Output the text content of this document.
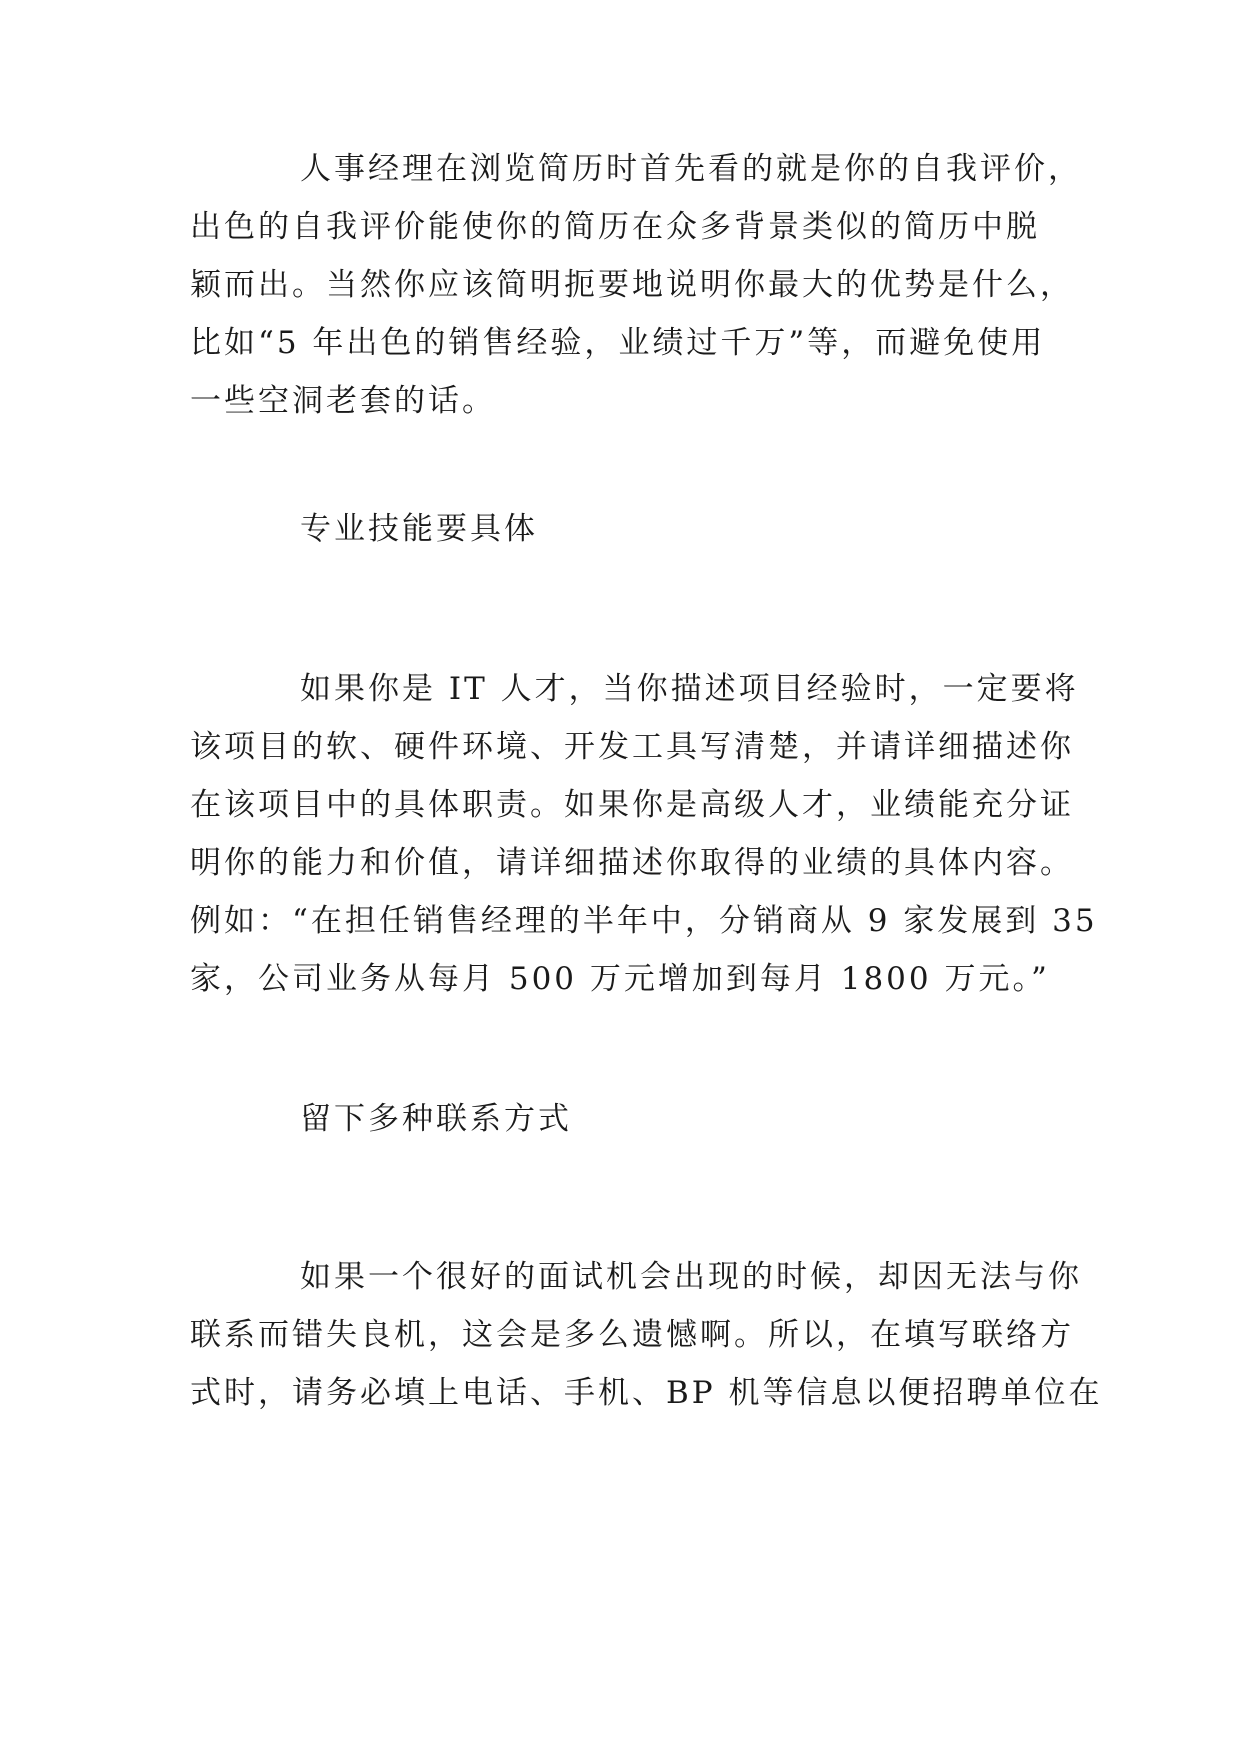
人事经理在浏览简历时首先看的就是你的自我评价，
出色的自我评价能使你的简历在众多背景类似的简历中脱
颖而出。当然你应该简明扼要地说明你最大的优势是什么，
比如“5 年出色的销售经验，业绩过千万”等，而避免使用
一些空洞老套的话。
专业技能要具体
如果你是 IT 人才，当你描述项目经验时，一定要将
该项目的软、硬件环境、开发工具写清楚，并请详细描述你
在该项目中的具体职责。如果你是高级人才，业绩能充分证
明你的能力和价值，请详细描述你取得的业绩的具体内容。
例如：“在担任销售经理的半年中，分销商从 9 家发展到 35
家，公司业务从每月 500 万元增加到每月 1800 万元。”
留下多种联系方式
如果一个很好的面试机会出现的时候，却因无法与你
联系而错失良机，这会是多么遗憾啊。所以，在填写联络方
式时，请务必填上电话、手机、BP 机等信息以便招聘单位在
